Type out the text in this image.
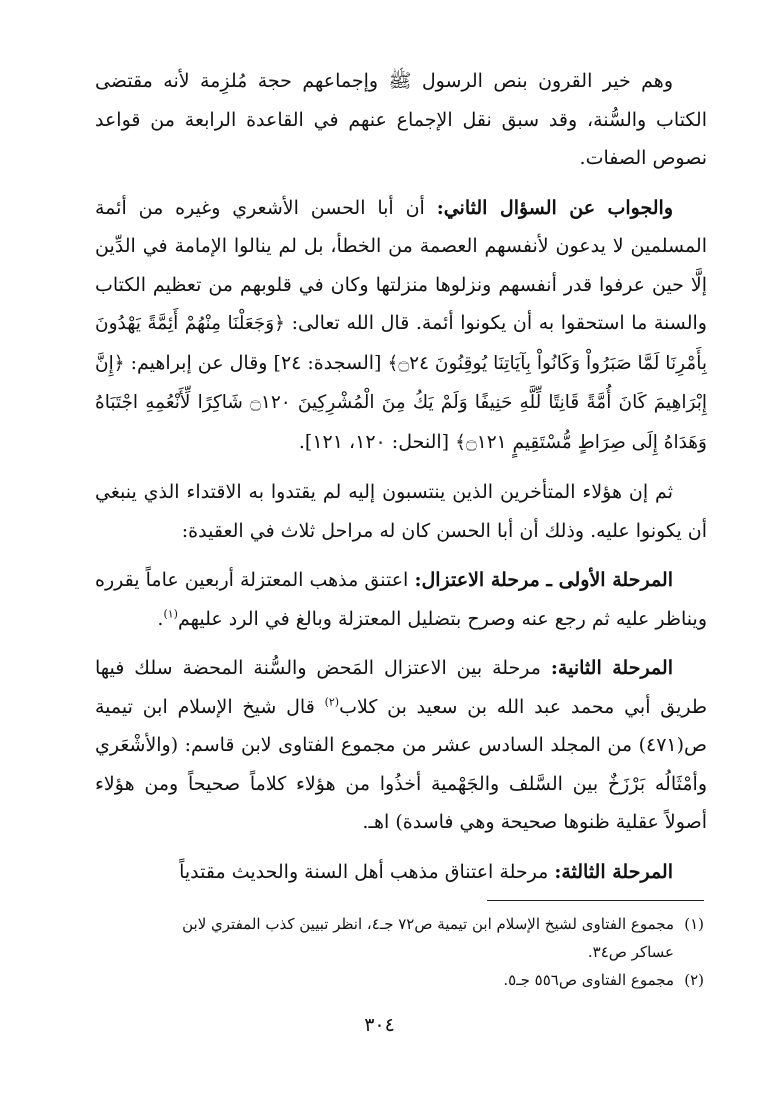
وهم خير القرون بنص الرسول ﷺ وإجماعهم حجة مُلزِمة لأنه مقتضى الكتاب والسُّنة، وقد سبق نقل الإجماع عنهم في القاعدة الرابعة من قواعد نصوص الصفات.

والجواب عن السؤال الثاني: أن أبا الحسن الأشعري وغيره من أئمة المسلمين لا يدعون لأنفسهم العصمة من الخطأ، بل لم ينالوا الإمامة في الدِّين إلَّا حين عرفوا قدر أنفسهم ونزلوها منزلتها وكان في قلوبهم من تعظيم الكتاب والسنة ما استحقوا به أن يكونوا أئمة. قال الله تعالى: ﴿وَجَعَلْنَا مِنْهُمْ أَئِمَّةً يَهْدُونَ بِأَمْرِنَا لَمَّا صَبَرُواْ وَكَانُواْ بِآيَاتِنَا يُوقِنُونَ ۝٢٤﴾ [السجدة: ٢٤] وقال عن إبراهيم: ﴿إِنَّ إِبْرَاهِيمَ كَانَ أُمَّةً قَانِتًا لِّلَّهِ حَنِيفًا وَلَمْ يَكُ مِنَ الْمُشْرِكِينَ ۝١٢٠ شَاكِرًا لِّأَنْعُمِهِ اجْتَبَاهُ وَهَدَاهُ إِلَى صِرَاطٍ مُّسْتَقِيمٍ ۝١٢١﴾ [النحل: ١٢٠، ١٢١].

ثم إن هؤلاء المتأخرين الذين ينتسبون إليه لم يقتدوا به الاقتداء الذي ينبغي أن يكونوا عليه. وذلك أن أبا الحسن كان له مراحل ثلاث في العقيدة:

المرحلة الأولى ـ مرحلة الاعتزال: اعتنق مذهب المعتزلة أربعين عاماً يقرره ويناظر عليه ثم رجع عنه وصرح بتضليل المعتزلة وبالغ في الرد عليهم$^{(١)}$.

المرحلة الثانية: مرحلة بين الاعتزال المَحض والسُّنة المحضة سلك فيها طريق أبي محمد عبد الله بن سعيد بن كلاب$^{(٢)}$ قال شيخ الإسلام ابن تيمية ص(٤٧١) من المجلد السادس عشر من مجموع الفتاوى لابن قاسم: (والأشْعَري وأمْثَالُه بَرْزَخٌ بين السَّلف والجَهْمية أخذُوا من هؤلاء كلاماً صحيحاً ومن هؤلاء أصولاً عقلية ظنوها صحيحة وهي فاسدة) اهـ.

المرحلة الثالثة: مرحلة اعتناق مذهب أهل السنة والحديث مقتدياً

(١)مجموع الفتاوى لشيخ الإسلام ابن تيمية ص٧٢ جـ٤، انظر تبيين كذب المفتري لابن

عساكر ص٣٤.

(٢)مجموع الفتاوى ص٥٥٦ جـ٥.

٣٠٤
